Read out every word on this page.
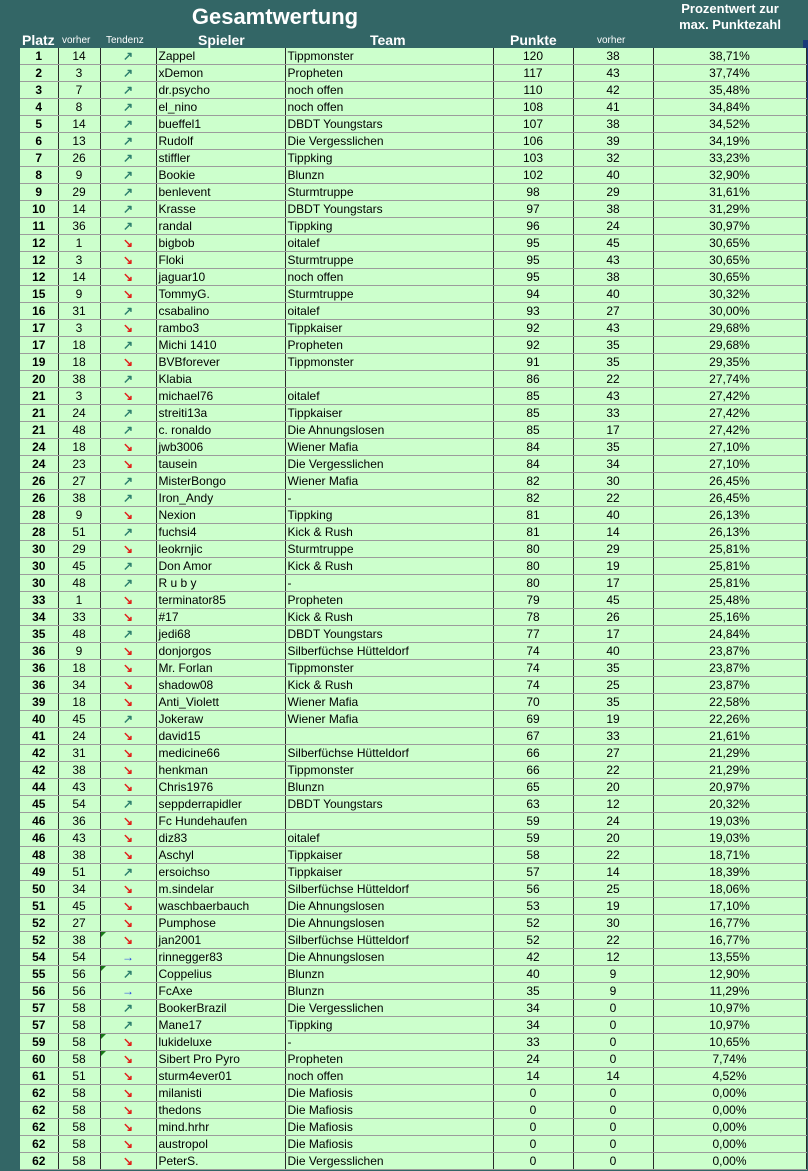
Gesamtwertung	Prozentwert zur
max. Punktezahl
Platz vorher Tendenz	Spieler	Team	Punkte	vorher
1	14	↗	Zappel	Tippmonster	120	38	38,71%
2	3	↗	xDemon	Propheten	117	43	37,74%
3	7	↗	dr.psycho	noch offen	110	42	35,48%
4	8	↗	el_nino	noch offen	108	41	34,84%
5	14	↗	bueffel1	DBDT Youngstars	107	38	34,52%
6	13	↗	Rudolf	Die Vergesslichen	106	39	34,19%
7	26	↗	stiffler	Tippking	103	32	33,23%
8	9	↗	Bookie	Blunzn	102	40	32,90%
9	29	↗	benlevent	Sturmtruppe	98	29	31,61%
10	14	↗	Krasse	DBDT Youngstars	97	38	31,29%
11	36	↗	randal	Tippking	96	24	30,97%
12	1	↘	bigbob	oitalef	95	45	30,65%
12	3	↘	Floki	Sturmtruppe	95	43	30,65%
12	14	↘	jaguar10	noch offen	95	38	30,65%
15	9	↘	TommyG.	Sturmtruppe	94	40	30,32%
16	31	↗	csabalino	oitalef	93	27	30,00%
17	3	↘	rambo3	Tippkaiser	92	43	29,68%
17	18	↗	Michi 1410	Propheten	92	35	29,68%
19	18	↘	BVBforever	Tippmonster	91	35	29,35%
20	38	↗	Klabia		86	22	27,74%
21	3	↘	michael76	oitalef	85	43	27,42%
21	24	↗	streiti13a	Tippkaiser	85	33	27,42%
21	48	↗	c. ronaldo	Die Ahnungslosen	85	17	27,42%
24	18	↘	jwb3006	Wiener Mafia	84	35	27,10%
24	23	↘	tausein	Die Vergesslichen	84	34	27,10%
26	27	↗	MisterBongo	Wiener Mafia	82	30	26,45%
26	38	↗	Iron_Andy	-	82	22	26,45%
28	9	↘	Nexion	Tippking	81	40	26,13%
28	51	↗	fuchsi4	Kick & Rush	81	14	26,13%
30	29	↘	leokrnjic	Sturmtruppe	80	29	25,81%
30	45	↗	Don Amor	Kick & Rush	80	19	25,81%
30	48	↗	R u b y	-	80	17	25,81%
33	1	↘	terminator85	Propheten	79	45	25,48%
34	33	↘	#17	Kick & Rush	78	26	25,16%
35	48	↗	jedi68	DBDT Youngstars	77	17	24,84%
36	9	↘	donjorgos	Silberfüchse Hütteldorf	74	40	23,87%
36	18	↘	Mr. Forlan	Tippmonster	74	35	23,87%
36	34	↘	shadow08	Kick & Rush	74	25	23,87%
39	18	↘	Anti_Violett	Wiener Mafia	70	35	22,58%
40	45	↗	Jokeraw	Wiener Mafia	69	19	22,26%
41	24	↘	david15		67	33	21,61%
42	31	↘	medicine66	Silberfüchse Hütteldorf	66	27	21,29%
42	38	↘	henkman	Tippmonster	66	22	21,29%
44	43	↘	Chris1976	Blunzn	65	20	20,97%
45	54	↗	seppderrapidler	DBDT Youngstars	63	12	20,32%
46	36	↘	Fc Hundehaufen		59	24	19,03%
46	43	↘	diz83	oitalef	59	20	19,03%
48	38	↘	Aschyl	Tippkaiser	58	22	18,71%
49	51	↗	ersoichso	Tippkaiser	57	14	18,39%
50	34	↘	m.sindelar	Silberfüchse Hütteldorf	56	25	18,06%
51	45	↘	waschbaerbauch	Die Ahnungslosen	53	19	17,10%
52	27	↘	Pumphose	Die Ahnungslosen	52	30	16,77%
52	38	↘	jan2001	Silberfüchse Hütteldorf	52	22	16,77%
54	54	→	rinnegger83	Die Ahnungslosen	42	12	13,55%
55	56	↗	Coppelius	Blunzn	40	9	12,90%
56	56	→	FcAxe	Blunzn	35	9	11,29%
57	58	↗	BookerBrazil	Die Vergesslichen	34	0	10,97%
57	58	↗	Mane17	Tippking	34	0	10,97%
59	58	↘	lukideluxe	-	33	0	10,65%
60	58	↘	Sibert Pro Pyro	Propheten	24	0	7,74%
61	51	↘	sturm4ever01	noch offen	14	14	4,52%
62	58	↘	milanisti	Die Mafiosis	0	0	0,00%
62	58	↘	thedons	Die Mafiosis	0	0	0,00%
62	58	↘	mind.hrhr	Die Mafiosis	0	0	0,00%
62	58	↘	austropol	Die Mafiosis	0	0	0,00%
62	58	↘	PeterS.	Die Vergesslichen	0	0	0,00%
